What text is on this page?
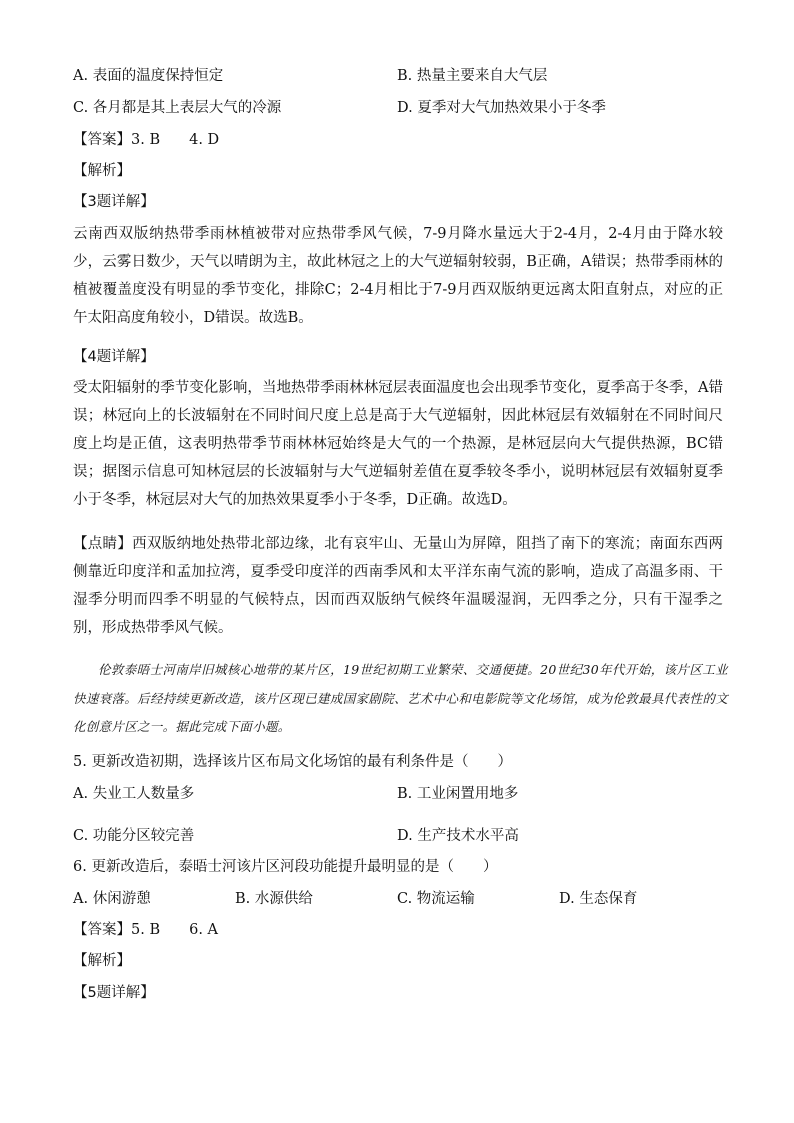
A. 表面的温度保持恒定	B. 热量主要来自大气层
C. 各月都是其上表层大气的冷源	D. 夏季对大气加热效果小于冬季
【答案】3. B　　4. D
【解析】
【3题详解】
云南西双版纳热带季雨林植被带对应热带季风气候，7-9月降水量远大于2-4月，2-4月由于降水较少，云雾日数少，天气以晴朗为主，故此林冠之上的大气逆辐射较弱，B正确，A错误；热带季雨林的植被覆盖度没有明显的季节变化，排除C；2-4月相比于7-9月西双版纳更远离太阳直射点，对应的正午太阳高度角较小，D错误。故选B。
【4题详解】
受太阳辐射的季节变化影响，当地热带季雨林林冠层表面温度也会出现季节变化，夏季高于冬季，A错误；林冠向上的长波辐射在不同时间尺度上总是高于大气逆辐射，因此林冠层有效辐射在不同时间尺度上均是正值，这表明热带季节雨林林冠始终是大气的一个热源，是林冠层向大气提供热源，BC错误；据图示信息可知林冠层的长波辐射与大气逆辐射差值在夏季较冬季小，说明林冠层有效辐射夏季小于冬季，林冠层对大气的加热效果夏季小于冬季，D正确。故选D。
【点睛】西双版纳地处热带北部边缘，北有哀牢山、无量山为屏障，阻挡了南下的寒流；南面东西两侧靠近印度洋和孟加拉湾，夏季受印度洋的西南季风和太平洋东南气流的影响，造成了高温多雨、干湿季分明而四季不明显的气候特点，因而西双版纳气候终年温暖湿润，无四季之分，只有干湿季之别，形成热带季风气候。
伦敦泰晤士河南岸旧城核心地带的某片区，19世纪初期工业繁荣、交通便捷。20世纪30年代开始，该片区工业快速衰落。后经持续更新改造，该片区现已建成国家剧院、艺术中心和电影院等文化场馆，成为伦敦最具代表性的文化创意片区之一。据此完成下面小题。
5. 更新改造初期，选择该片区布局文化场馆的最有利条件是（　　）
A. 失业工人数量多	B. 工业闲置用地多
C. 功能分区较完善	D. 生产技术水平高
6. 更新改造后，泰晤士河该片区河段功能提升最明显的是（　　）
A. 休闲游憩	B. 水源供给	C. 物流运输	D. 生态保育
【答案】5. B　　6. A
【解析】
【5题详解】
